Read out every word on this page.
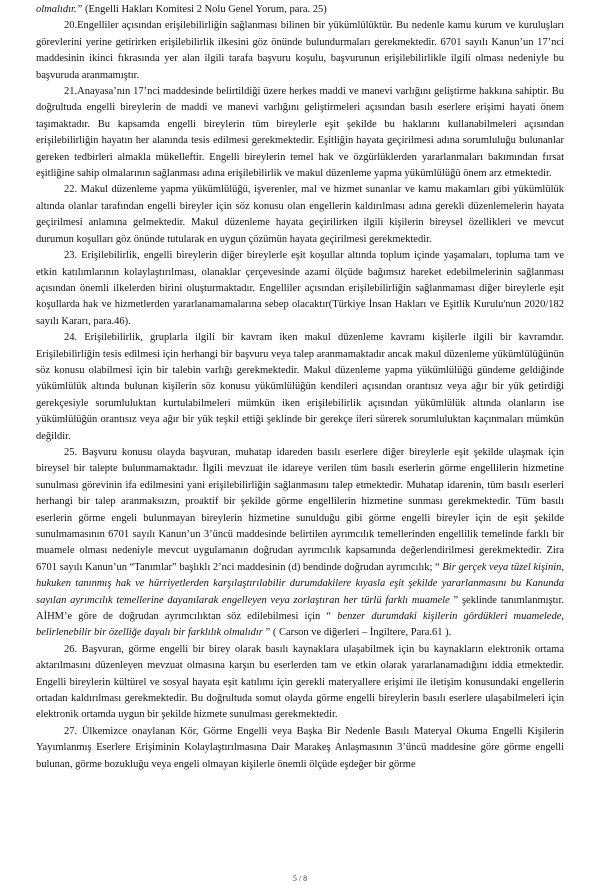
olmalıdır.” (Engelli Hakları Komitesi 2 Nolu Genel Yorum, para. 25)

20.Engelliler açısından erişilebilirliğin sağlanması bilinen bir yükümlülüktür. Bu nedenle kamu kurum ve kuruluşları görevlerini yerine getirirken erişilebilirlik ilkesini göz önünde bulundurmaları gerekmektedir. 6701 sayılı Kanun’un 17’nci maddesinin ikinci fıkrasında yer alan ilgili tarafa başvuru koşulu, başvurunun erişilebilirlikle ilgili olması nedeniyle bu başvuruda aranmamıştır.

21.Anayasa’nın 17’nci maddesinde belirtildiği üzere herkes maddi ve manevi varlığını geliştirme hakkına sahiptir. Bu doğrultuda engelli bireylerin de maddi ve manevi varlığını geliştirmeleri açısından basılı eserlere erişimi hayati önem taşımaktadır. Bu kapsamda engelli bireylerin tüm bireylerle eşit şekilde bu haklarını kullanabilmeleri açısından erişilebilirliğin hayatın her alanında tesis edilmesi gerekmektedir. Eşitliğin hayata geçirilmesi adına sorumluluğu bulunanlar gereken tedbirleri almakla mükelleftir. Engelli bireylerin temel hak ve özgürlüklerden yararlanmaları bakımından fırsat eşitliğine sahip olmalarının sağlanması adına erişilebilirlik ve makul düzenleme yapma yükümlülüğü önem arz etmektedir.

22. Makul düzenleme yapma yükümlülüğü, işverenler, mal ve hizmet sunanlar ve kamu makamları gibi yükümlülük altında olanlar tarafından engelli bireyler için söz konusu olan engellerin kaldırılması adına gerekli düzenlemelerin hayata geçirilmesi anlamına gelmektedir. Makul düzenleme hayata geçirilirken ilgili kişilerin bireysel özellikleri ve mevcut durumun koşulları göz önünde tutularak en uygun çözümün hayata geçirilmesi gerekmektedir.

23. Erişilebilirlik, engelli bireylerin diğer bireylerle eşit koşullar altında toplum içinde yaşamaları, topluma tam ve etkin katılımlarının kolaylaştırılması, olanaklar çerçevesinde azami ölçüde bağımsız hareket edebilmelerinin sağlanması açısından önemli ilkelerden birini oluşturmaktadır. Engelliler açısından erişilebilirliğin sağlanmaması diğer bireylerle eşit koşullarda hak ve hizmetlerden yararlanamamalarına sebep olacaktır(Türkiye İnsan Hakları ve Eşitlik Kurulu'nun 2020/182 sayılı Kararı, para.46).

24. Erişilebilirlik, gruplarla ilgili bir kavram iken makul düzenleme kavramı kişilerle ilgili bir kavramdır. Erişilebilirliğin tesis edilmesi için herhangi bir başvuru veya talep aranmamaktadır ancak makul düzenleme yükümlülüğünün söz konusu olabilmesi için bir talebin varlığı gerekmektedir. Makul düzenleme yapma yükümlülüğü gündeme geldiğinde yükümlülük altında bulunan kişilerin söz konusu yükümlülüğün kendileri açısından orantısız veya ağır bir yük getirdiği gerekçesiyle sorumluluktan kurtulabilmeleri mümkün iken erişilebilirlik açısından yükümlülük altında olanların ise yükümlülüğün orantısız veya ağır bir yük teşkil ettiği şeklinde bir gerekçe ileri sürerek sorumluluktan kaçınmaları mümkün değildir.

25. Başvuru konusu olayda başvuran, muhatap idareden basılı eserlere diğer bireylerle eşit şekilde ulaşmak için bireysel bir talepte bulunmamaktadır. İlgili mevzuat ile idareye verilen tüm basılı eserlerin görme engellilerin hizmetine sunulması görevinin ifa edilmesini yani erişilebilirliğin sağlanmasını talep etmektedir. Muhatap idarenin, tüm basılı eserleri herhangi bir talep aranmaksızın, proaktif bir şekilde görme engellilerin hizmetine sunması gerekmektedir. Tüm basılı eserlerin görme engeli bulunmayan bireylerin hizmetine sunulduğu gibi görme engelli bireyler için de eşit şekilde sunulmamasının 6701 sayılı Kanun’un 3’üncü maddesinde belirtilen ayrımcılık temellerinden engellilik temelinde farklı bir muamele olması nedeniyle mevcut uygulamanın doğrudan ayrımcılık kapsamında değerlendirilmesi gerekmektedir. Zira 6701 sayılı Kanun’un “Tanımlar” başlıklı 2’nci maddesinin (d) bendinde doğrudan ayrımcılık; “ Bir gerçek veya tüzel kişinin, hukuken tanınmış hak ve hürriyetlerden karşılaştırılabilir durumdakilere kıyasla eşit şekilde yararlanmasını bu Kanunda sayılan ayrımcılık temellerine dayanılarak engelleyen veya zorlaştıran her türlü farklı muamele ” şeklinde tanımlanmıştır. AİHM’e göre de doğrudan ayrımcılıktan söz edilebilmesi için “ benzer durumdaki kişilerin gördükleri muamelede, belirlenebilir bir özelliğe dayalı bir farklılık olmalıdır ” ( Carson ve diğerleri – İngiltere, Para.61 ).

26. Başvuran, görme engelli bir birey olarak basılı kaynaklara ulaşabilmek için bu kaynakların elektronik ortama aktarılmasını düzenleyen mevzuat olmasına karşın bu eserlerden tam ve etkin olarak yararlanamadığını iddia etmektedir. Engelli bireylerin kültürel ve sosyal hayata eşit katılımı için gerekli materyallere erişimi ile iletişim konusundaki engellerin ortadan kaldırılması gerekmektedir. Bu doğrultuda somut olayda görme engelli bireylerin basılı eserlere ulaşabilmeleri için elektronik ortamda uygun bir şekilde hizmete sunulması gerekmektedir.

27. Ülkemizce onaylanan Kör, Görme Engelli veya Başka Bir Nedenle Basılı Materyal Okuma Engelli Kişilerin Yayımlanmış Eserlere Erişiminin Kolaylaştırılmasına Dair Marakeş Anlaşmasının 3’üncü maddesine göre görme engelli bulunan, görme bozukluğu veya engeli olmayan kişilerle önemli ölçüde eşdeğer bir görme

5 / 8
